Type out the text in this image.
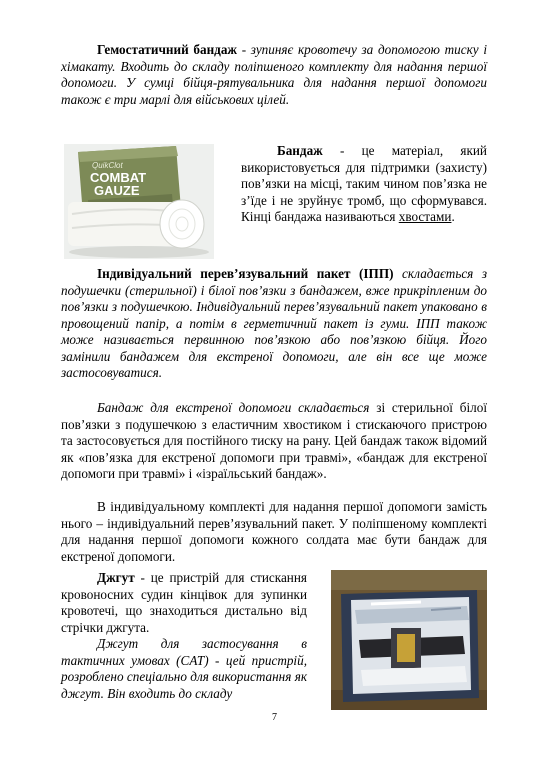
Гемостатичний бандаж - зупиняє кровотечу за допомогою тиску і хімакату. Входить до складу поліпшеного комплекту для надання першої допомоги. У сумці бійця-рятувальника для надання першої допомоги також є три марлі для військових цілей.

QuikClot
COMBAT
GAUZE

Бандаж - це матеріал, який використовується для підтримки (захисту) пов’язки на місці, таким чином пов’язка не з’їде і не зруйнує тромб, що сформувався. Кінці бандажа називаються хвостами.

Індивідуальний перев’язувальний пакет (ІПП) складається з подушечки (стерильної) і білої пов’язки з бандажем, вже прикріпленим до пов’язки з подушечкою. Індивідуальний перев’язувальний пакет упаковано в провощений папір, а потім в герметичний пакет із гуми. ІПП також може називається первинною пов’язкою або пов’язкою бійця. Його замінили бандажем для екстреної допомоги, але він все ще може застосовуватися.

Бандаж для екстреної допомоги складається зі стерильної білої пов’язки з подушечкою з еластичним хвостиком і стискаючого пристрою та застосовується для постійного тиску на рану. Цей бандаж також відомий як «пов’язка для екстреної допомоги при травмі», «бандаж для екстреної допомоги при травмі» і «ізраїльський бандаж».

В індивідуальному комплекті для надання першої допомоги замість нього – індивідуальний перев’язувальний пакет. У поліпшеному комплекті для надання першої допомоги кожного солдата має бути бандаж для екстреної допомоги.

Джгут - це пристрій для стискання кровоносних судин кінцівок для зупинки кровотечі, що знаходиться дистально від стрічки джгута.

Джгут для застосування в тактичних умовах (CAT) - цей пристрій, розроблено спеціально для використання як джгут. Він входить до складу

7
